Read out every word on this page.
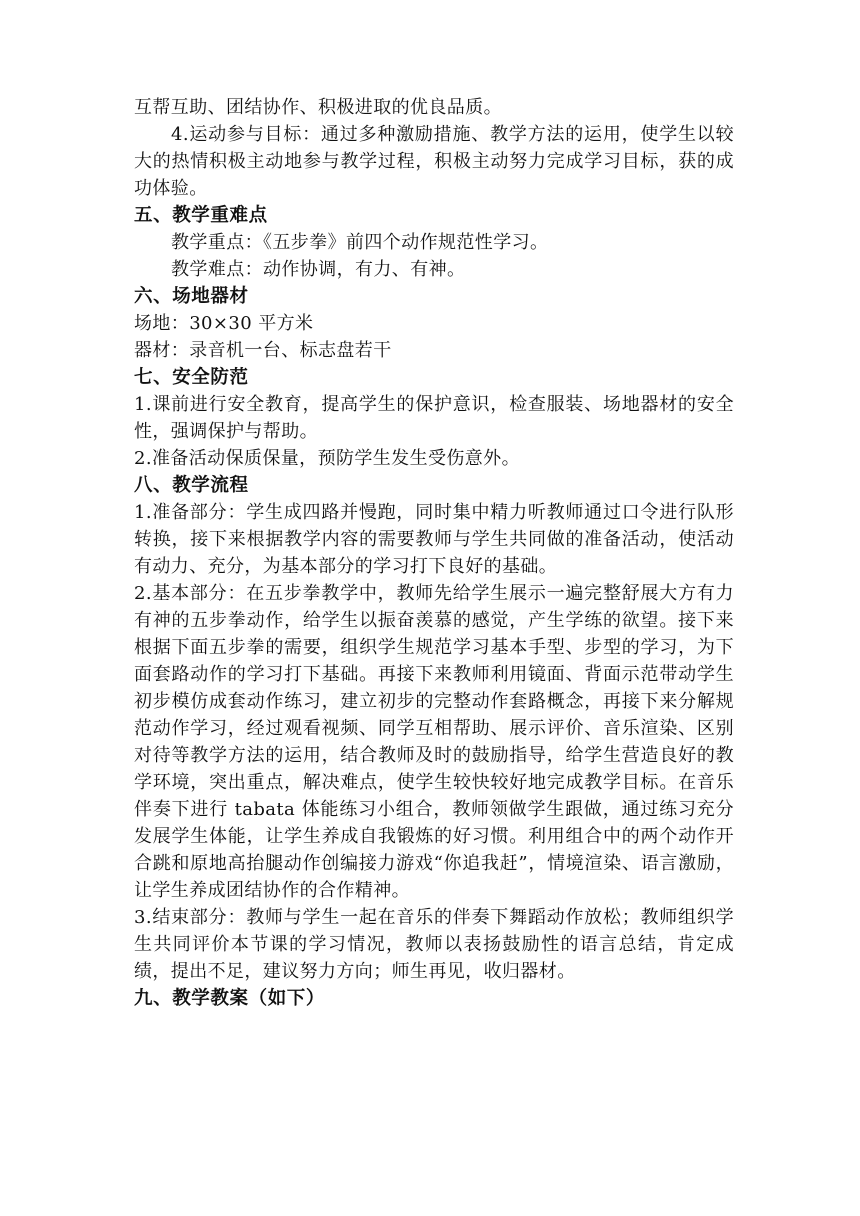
互帮互助、团结协作、积极进取的优良品质。

4.运动参与目标：通过多种激励措施、教学方法的运用，使学生以较大的热情积极主动地参与教学过程，积极主动努力完成学习目标，获的成功体验。

五、教学重难点

教学重点：《五步拳》前四个动作规范性学习。

教学难点：动作协调，有力、有神。

六、场地器材

场地：30×30 平方米

器材：录音机一台、标志盘若干

七、安全防范

1.课前进行安全教育，提高学生的保护意识，检查服装、场地器材的安全性，强调保护与帮助。

2.准备活动保质保量，预防学生发生受伤意外。

八、教学流程

1.准备部分：学生成四路并慢跑，同时集中精力听教师通过口令进行队形转换，接下来根据教学内容的需要教师与学生共同做的准备活动，使活动有动力、充分，为基本部分的学习打下良好的基础。

2.基本部分：在五步拳教学中，教师先给学生展示一遍完整舒展大方有力有神的五步拳动作，给学生以振奋羡慕的感觉，产生学练的欲望。接下来根据下面五步拳的需要，组织学生规范学习基本手型、步型的学习，为下面套路动作的学习打下基础。再接下来教师利用镜面、背面示范带动学生初步模仿成套动作练习，建立初步的完整动作套路概念，再接下来分解规范动作学习，经过观看视频、同学互相帮助、展示评价、音乐渲染、区别对待等教学方法的运用，结合教师及时的鼓励指导，给学生营造良好的教学环境，突出重点，解决难点，使学生较快较好地完成教学目标。在音乐伴奏下进行 tabata 体能练习小组合，教师领做学生跟做，通过练习充分发展学生体能，让学生养成自我锻炼的好习惯。利用组合中的两个动作开合跳和原地高抬腿动作创编接力游戏“你追我赶”，情境渲染、语言激励，让学生养成团结协作的合作精神。

3.结束部分：教师与学生一起在音乐的伴奏下舞蹈动作放松；教师组织学生共同评价本节课的学习情况，教师以表扬鼓励性的语言总结，肯定成绩，提出不足，建议努力方向；师生再见，收归器材。

九、教学教案（如下）
